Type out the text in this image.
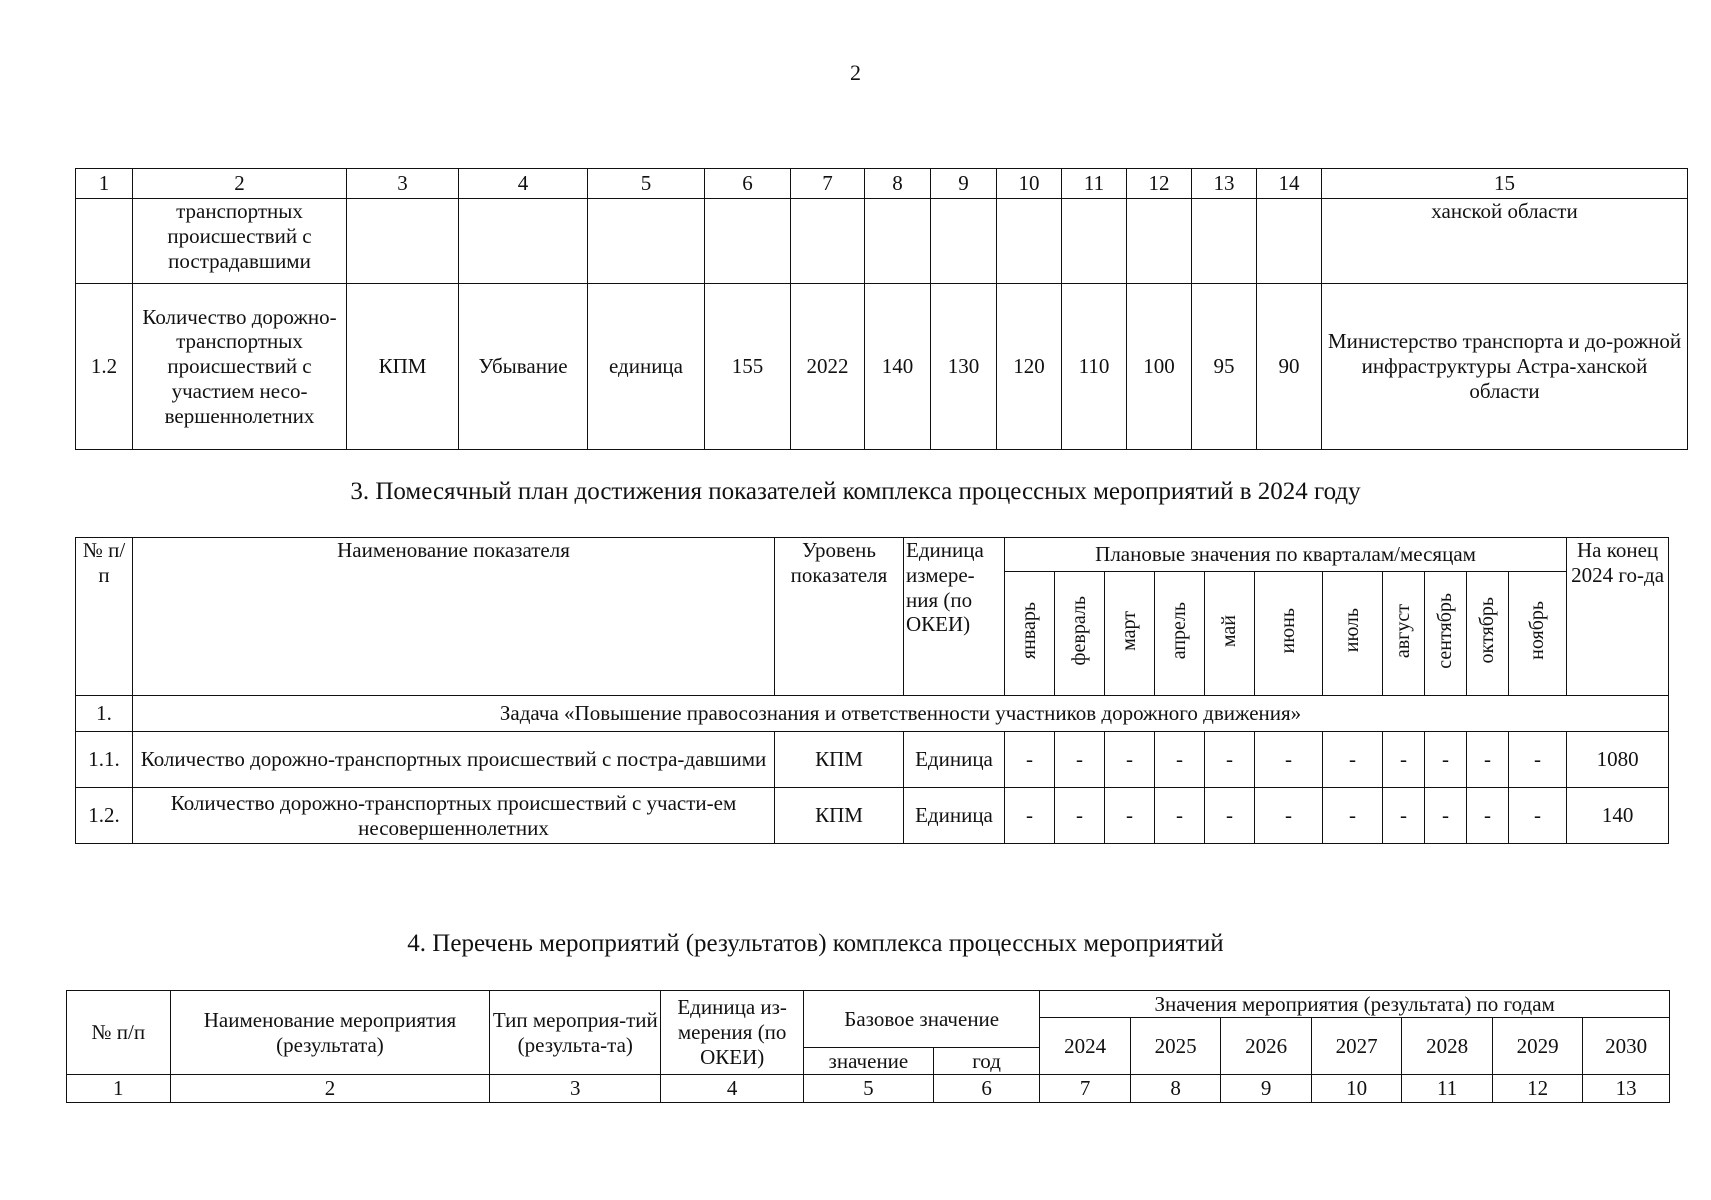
2
1	2	3	4	5	6	7	8	9	10	11	12	13	14	15
	транспортных происшествий с пострадавшими													ханской области
1.2	Количество дорожно-транспортных происшествий с участием несо-вершеннолетних	КПМ	Убывание	единица	155	2022	140	130	120	110	100	95	90	Министерство транспорта и до-рожной инфраструктуры Астра-ханской области
3. Помесячный план достижения показателей комплекса процессных мероприятий в 2024 году
№ п/п	Наименование показателя	Уровень показателя	Единица измере-ния (по ОКЕИ)	Плановые значения по кварталам/месяцам											На конец 2024 го-да
				январь	февраль	март	апрель	май	июнь	июль	август	сентябрь	октябрь	ноябрь	
1.	Задача «Повышение правосознания и ответственности участников дорожного движения»														
1.1.	Количество дорожно-транспортных происшествий с постра-давшими	КПМ	Единица	-	-	-	-	-	-	-	-	-	-	-	1080
1.2.	Количество дорожно-транспортных происшествий с участи-ем несовершеннолетних	КПМ	Единица	-	-	-	-	-	-	-	-	-	-	-	140
4. Перечень мероприятий (результатов) комплекса процессных мероприятий
№ п/п	Наименование мероприятия (результата)	Тип мероприя-тий (результа-та)	Единица из-мерения (по ОКЕИ)	Базовое значение		Значения мероприятия (результата) по годам						
						2024	2025	2026	2027	2028	2029	2030
				значение	год							
1	2	3	4	5	6	7	8	9	10	11	12	13
